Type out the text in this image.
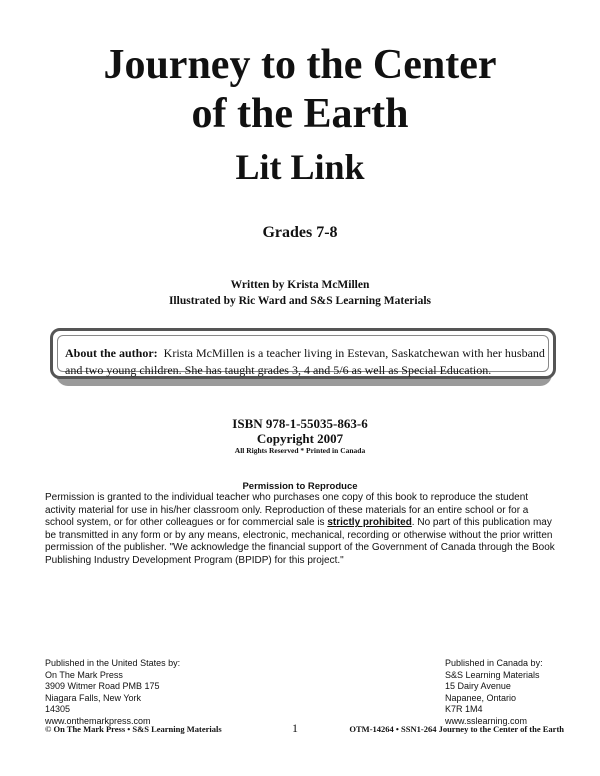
Journey to the Center
of the Earth
Lit Link
Grades 7-8
Written by Krista McMillen
Illustrated by Ric Ward and S&S Learning Materials
About the author: Krista McMillen is a teacher living in Estevan, Saskatchewan with her husband and two young children. She has taught grades 3, 4 and 5/6 as well as Special Education.
ISBN 978-1-55035-863-6
Copyright 2007
All Rights Reserved * Printed in Canada
Permission to Reproduce
Permission is granted to the individual teacher who purchases one copy of this book to reproduce the student activity material for use in his/her classroom only. Reproduction of these materials for an entire school or for a school system, or for other colleagues or for commercial sale is strictly prohibited. No part of this publication may be transmitted in any form or by any means, electronic, mechanical, recording or otherwise without the prior written permission of the publisher. "We acknowledge the financial support of the Government of Canada through the Book Publishing Industry Development Program (BPIDP) for this project."
Published in the United States by:
On The Mark Press
3909 Witmer Road PMB 175
Niagara Falls, New York
14305
www.onthemarkpress.com
Published in Canada by:
S&S Learning Materials
15 Dairy Avenue
Napanee, Ontario
K7R 1M4
www.sslearning.com
© On The Mark Press • S&S Learning Materials	1	OTM-14264 • SSN1-264 Journey to the Center of the Earth
